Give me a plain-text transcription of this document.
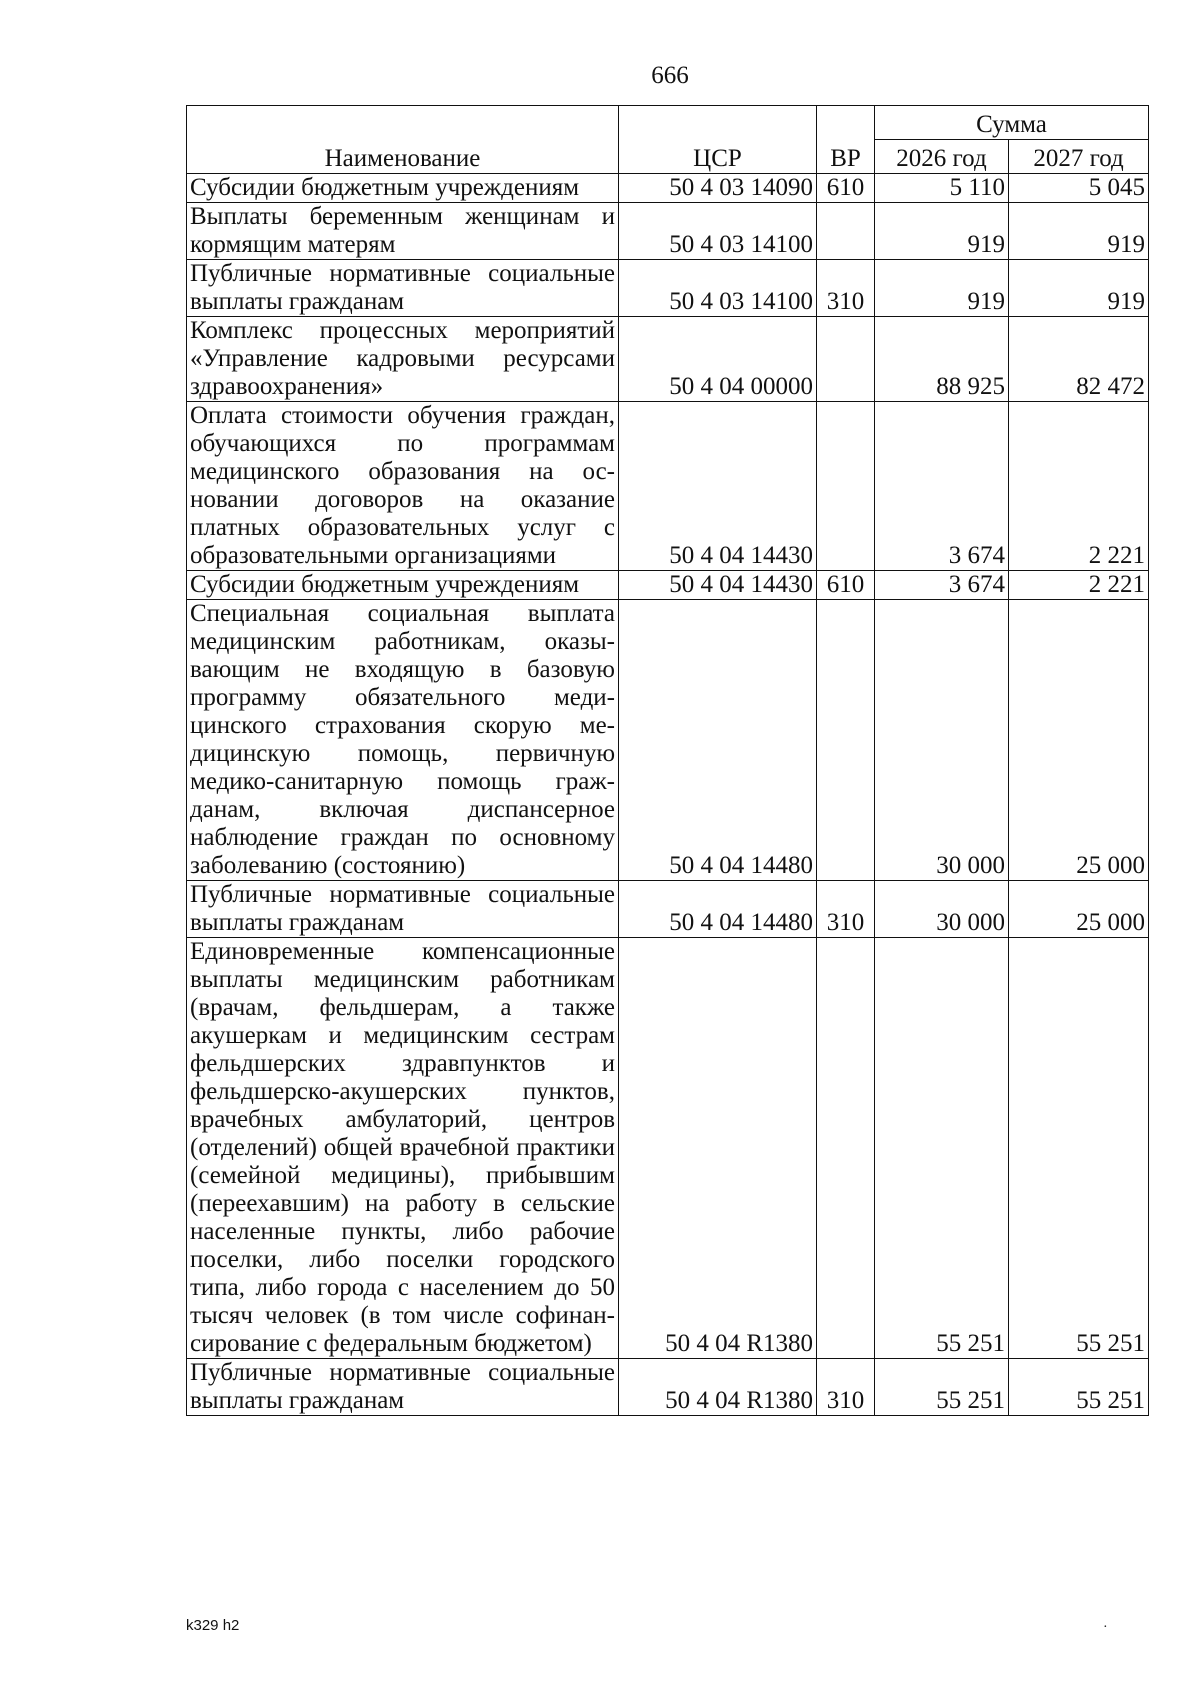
666
Наименование	ЦСР	ВР	Сумма	
			2026 год	2027 год
Субсидии бюджетным учреждениям	50 4 03 14090	610	5 110	5 045
Выплаты беременным женщинам и кормящим матерям	50 4 03 14100		919	919
Публичные нормативные социальные выплаты гражданам	50 4 03 14100	310	919	919
Комплекс процессных мероприятий «Управление кадровыми ресурсами здравоохранения»	50 4 04 00000		88 925	82 472
Оплата стоимости обучения граждан, обучающихся по программам медицинского образования на основании договоров на оказание платных образовательных услуг с образовательными организациями	50 4 04 14430		3 674	2 221
Субсидии бюджетным учреждениям	50 4 04 14430	610	3 674	2 221
Специальная социальная выплата медицинским работникам, оказывающим не входящую в базовую программу обязательного медицинского страхования скорую медицинскую помощь, первичную медико-санитарную помощь гражданам, включая диспансерное наблюдение граждан по основному заболеванию (состоянию)	50 4 04 14480		30 000	25 000
Публичные нормативные социальные выплаты гражданам	50 4 04 14480	310	30 000	25 000
Единовременные компенсационные выплаты медицинским работникам (врачам, фельдшерам, а также акушеркам и медицинским сестрам фельдшерских здравпунктов и фельдшерско-акушерских пунктов, врачебных амбулаторий, центров (отделений) общей врачебной практики (семейной медицины), прибывшим (переехавшим) на работу в сельские населенные пункты, либо рабочие поселки, либо поселки городского типа, либо города с населением до 50 тысяч человек (в том числе софинансирование с федеральным бюджетом)	50 4 04 R1380		55 251	55 251
Публичные нормативные социальные выплаты гражданам	50 4 04 R1380	310	55 251	55 251
k329 h2	·
